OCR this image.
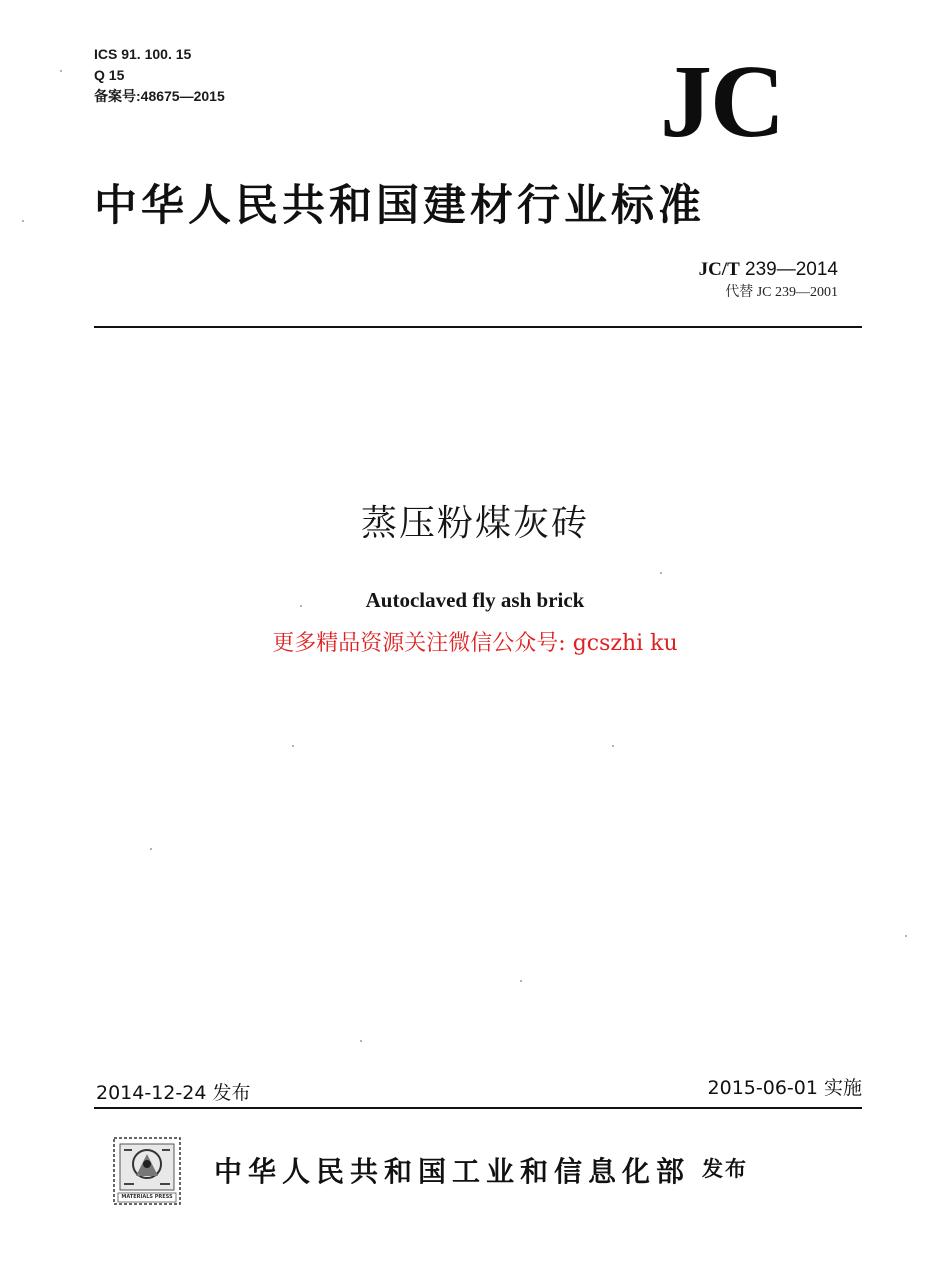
ICS 91. 100. 15
Q 15
备案号:48675—2015	JC
中华人民共和国建材行业标准
JC/T 239—2014
代替 JC 239—2001
蒸压粉煤灰砖
Autoclaved fly ash brick
更多精品资源关注微信公众号: gcszhi ku
2014-12-24 发布	2015-06-01 实施
MATERIALS PRESS
中华人民共和国工业和信息化部 发布
